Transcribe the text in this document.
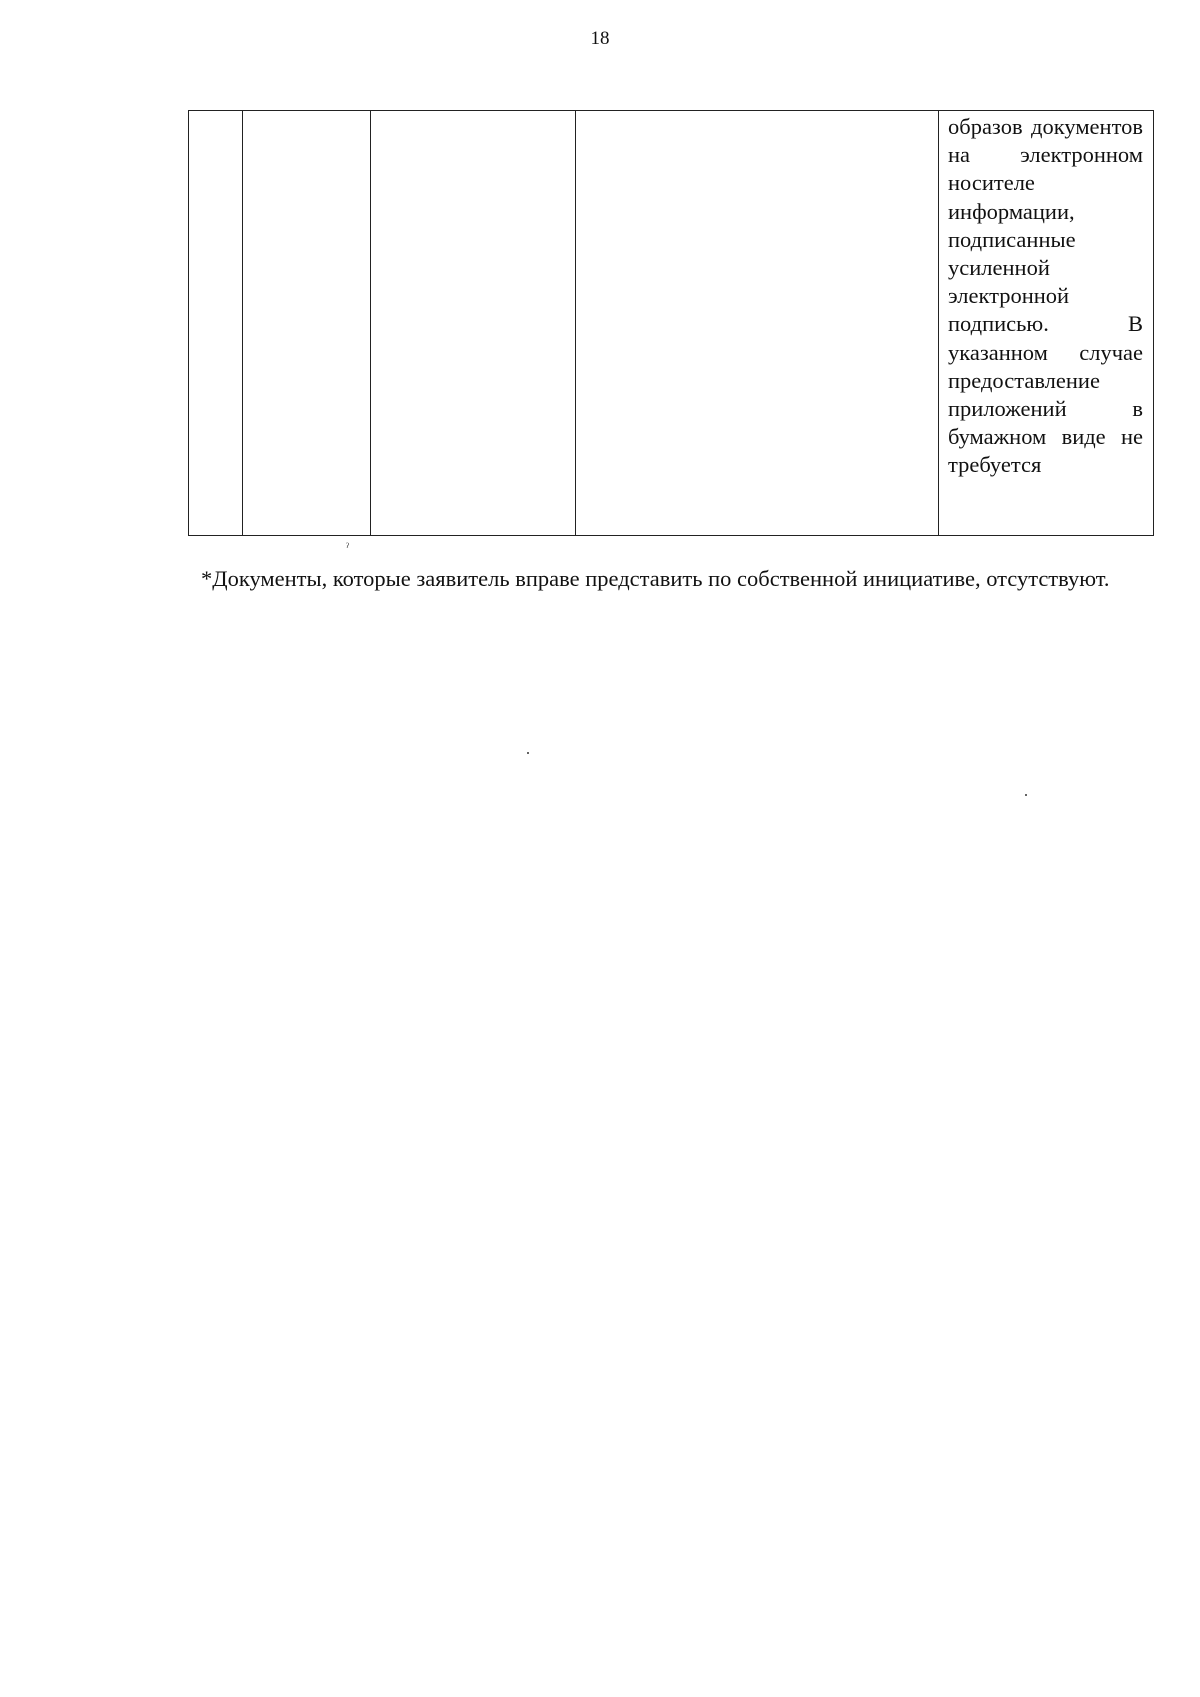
18

образов документов на электронном носителе информации, подписанные усиленной электронной подписью. В указанном случае предоставление приложений в бумажном виде не требуется
ˀ
*Документы, которые заявитель вправе представить по собственной инициативе, отсутствуют.
